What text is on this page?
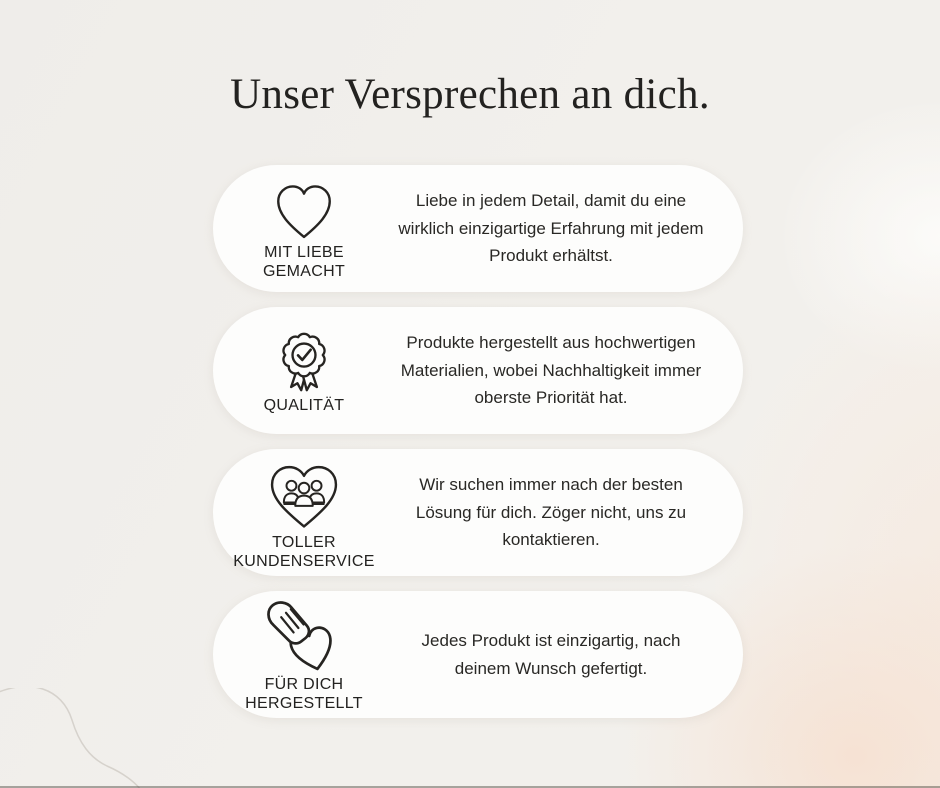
Unser Versprechen an dich.
MIT LIEBE GEMACHT

Liebe in jedem Detail, damit du eine wirklich einzigartige Erfahrung mit jedem Produkt erhältst.

QUALITÄT

Produkte hergestellt aus hochwertigen Materialien, wobei Nachhaltigkeit immer oberste Priorität hat.

TOLLER KUNDENSERVICE

Wir suchen immer nach der besten Lösung für dich. Zöger nicht, uns zu kontaktieren.

FÜR DICH HERGESTELLT

Jedes Produkt ist einzigartig, nach deinem Wunsch gefertigt.
